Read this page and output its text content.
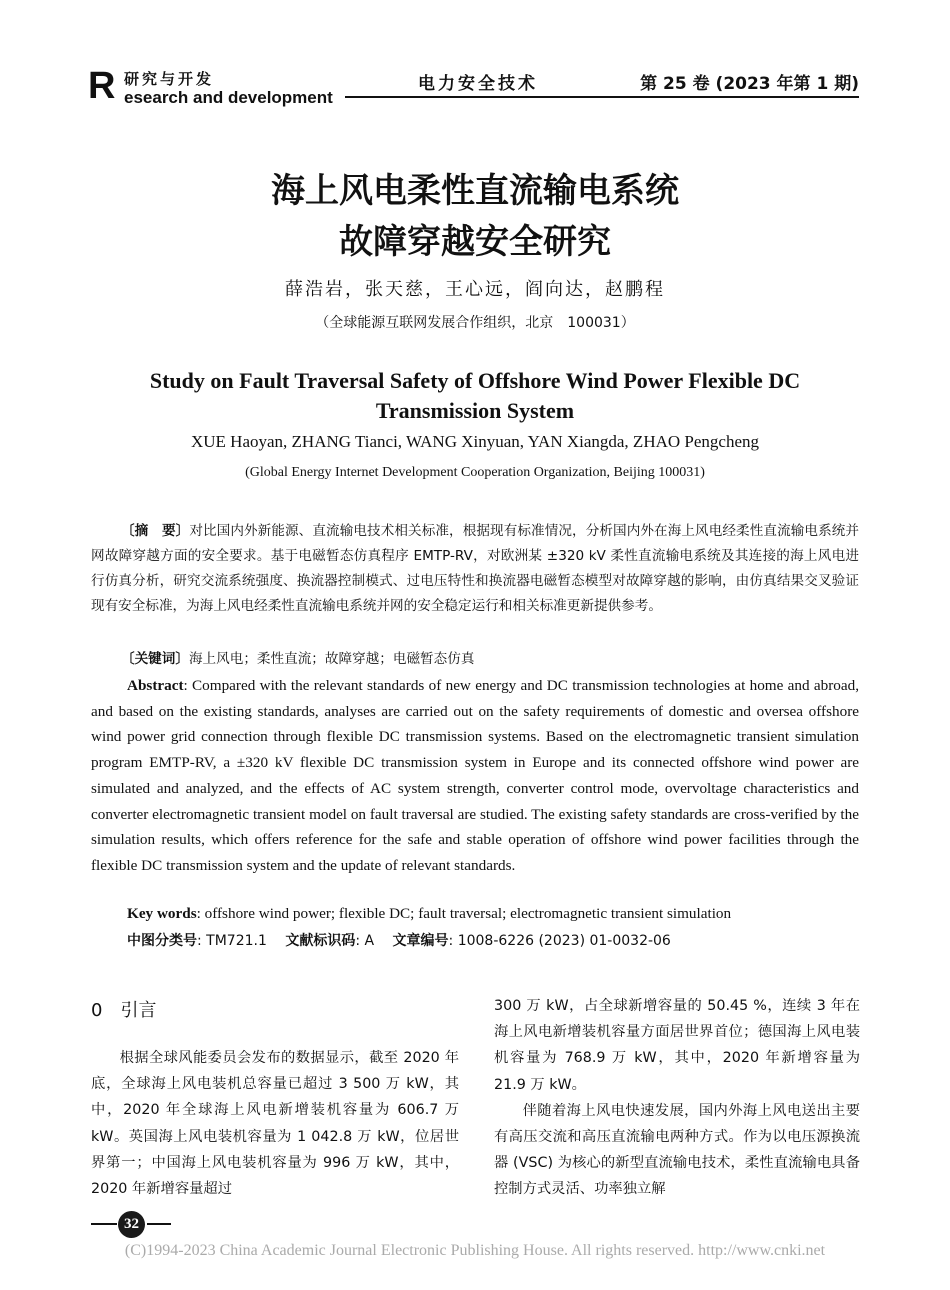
R 研究与开发
esearch and development
电力安全技术	第 25 卷 (2023 年第 1 期)
海上风电柔性直流输电系统
故障穿越安全研究
薛浩岩，张天慈，王心远，阎向达，赵鹏程
（全球能源互联网发展合作组织，北京　100031）
Study on Fault Traversal Safety of Offshore Wind Power Flexible DC
Transmission System
XUE Haoyan, ZHANG Tianci, WANG Xinyuan, YAN Xiangda, ZHAO Pengcheng
(Global Energy Internet Development Cooperation Organization, Beijing 100031)
〔摘　要〕对比国内外新能源、直流输电技术相关标准，根据现有标准情况，分析国内外在海上风电经柔性直流输电系统并网故障穿越方面的安全要求。基于电磁暂态仿真程序 EMTP-RV，对欧洲某 ±320 kV 柔性直流输电系统及其连接的海上风电进行仿真分析，研究交流系统强度、换流器控制模式、过电压特性和换流器电磁暂态模型对故障穿越的影响，由仿真结果交叉验证现有安全标准，为海上风电经柔性直流输电系统并网的安全稳定运行和相关标准更新提供参考。
〔关键词〕海上风电；柔性直流；故障穿越；电磁暂态仿真
Abstract: Compared with the relevant standards of new energy and DC transmission technologies at home and abroad, and based on the existing standards, analyses are carried out on the safety requirements of domestic and oversea offshore wind power grid connection through flexible DC transmission systems. Based on the electromagnetic transient simulation program EMTP-RV, a ±320 kV flexible DC transmission system in Europe and its connected offshore wind power are simulated and analyzed, and the effects of AC system strength, converter control mode, overvoltage characteristics and converter electromagnetic transient model on fault traversal are studied. The existing safety standards are cross-verified by the simulation results, which offers reference for the safe and stable operation of offshore wind power facilities through the flexible DC transmission system and the update of relevant standards.
Key words: offshore wind power; flexible DC; fault traversal; electromagnetic transient simulation
中图分类号: TM721.1  文献标识码: A  文章编号: 1008-6226 (2023) 01-0032-06
0  引言
根据全球风能委员会发布的数据显示，截至 2020 年底，全球海上风电装机总容量已超过 3 500 万 kW，其中，2020 年全球海上风电新增装机容量为 606.7 万 kW。英国海上风电装机容量为 1 042.8 万 kW，位居世界第一；中国海上风电装机容量为 996 万 kW，其中，2020 年新增容量超过
300 万 kW，占全球新增容量的 50.45 %，连续 3 年在海上风电新增装机容量方面居世界首位；德国海上风电装机容量为 768.9 万 kW，其中，2020 年新增容量为 21.9 万 kW。
伴随着海上风电快速发展，国内外海上风电送出主要有高压交流和高压直流输电两种方式。作为以电压源换流器 (VSC) 为核心的新型直流输电技术，柔性直流输电具备控制方式灵活、功率独立解
32
(C)1994-2023 China Academic Journal Electronic Publishing House. All rights reserved. http://www.cnki.net
